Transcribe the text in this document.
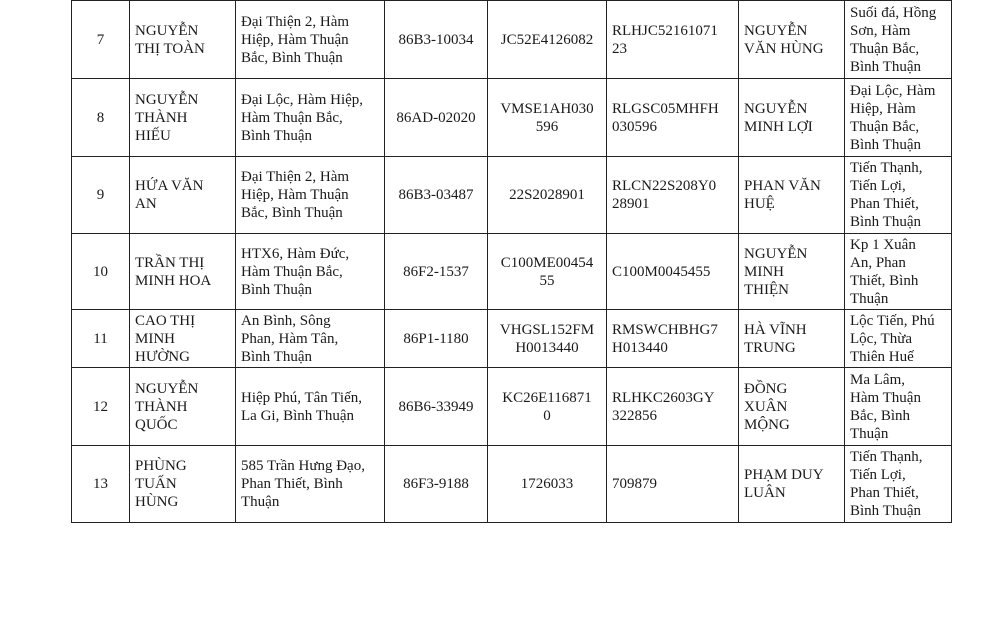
7	NGUYỄN
THỊ TOÀN	Đại Thiện 2, Hàm
Hiệp, Hàm Thuận
Bắc, Bình Thuận	86B3-10034	JC52E4126082	RLHJC52161071
23	NGUYỄN
VĂN HÙNG	Suối đá, Hồng
Sơn, Hàm
Thuận Bắc,
Bình Thuận

8	NGUYỄN
THÀNH
HIẾU	Đại Lộc, Hàm Hiệp,
Hàm Thuận Bắc,
Bình Thuận	86AD-02020	VMSE1AH030
596	RLGSC05MHFH
030596	NGUYỄN
MINH LỢI	Đại Lộc, Hàm
Hiệp, Hàm
Thuận Bắc,
Bình Thuận

9	HỨA VĂN
AN	Đại Thiện 2, Hàm
Hiệp, Hàm Thuận
Bắc, Bình Thuận	86B3-03487	22S2028901	RLCN22S208Y0
28901	PHAN VĂN
HUỆ	Tiến Thạnh,
Tiến Lợi,
Phan Thiết,
Bình Thuận

10	TRẦN THỊ
MINH HOA	HTX6, Hàm Đức,
Hàm Thuận Bắc,
Bình Thuận	86F2-1537	C100ME00454
55	C100M0045455	NGUYỄN
MINH
THIỆN	Kp 1 Xuân
An, Phan
Thiết, Bình
Thuận

11	CAO THỊ
MINH
HƯỜNG	An Bình, Sông
Phan, Hàm Tân,
Bình Thuận	86P1-1180	VHGSL152FM
H0013440	RMSWCHBHG7
H013440	HÀ VĨNH
TRUNG	Lộc Tiến, Phú
Lộc, Thừa
Thiên Huế

12	NGUYỄN
THÀNH
QUỐC	Hiệp Phú, Tân Tiến,
La Gi, Bình Thuận	86B6-33949	KC26E116871
0	RLHKC2603GY
322856	ĐỒNG
XUÂN
MỘNG	Ma Lâm,
Hàm Thuận
Bắc, Bình
Thuận

13	PHÙNG
TUẤN
HÙNG	585 Trần Hưng Đạo,
Phan Thiết, Bình
Thuận	86F3-9188	1726033	709879	PHẠM DUY
LUÂN	Tiến Thạnh,
Tiến Lợi,
Phan Thiết,
Bình Thuận
